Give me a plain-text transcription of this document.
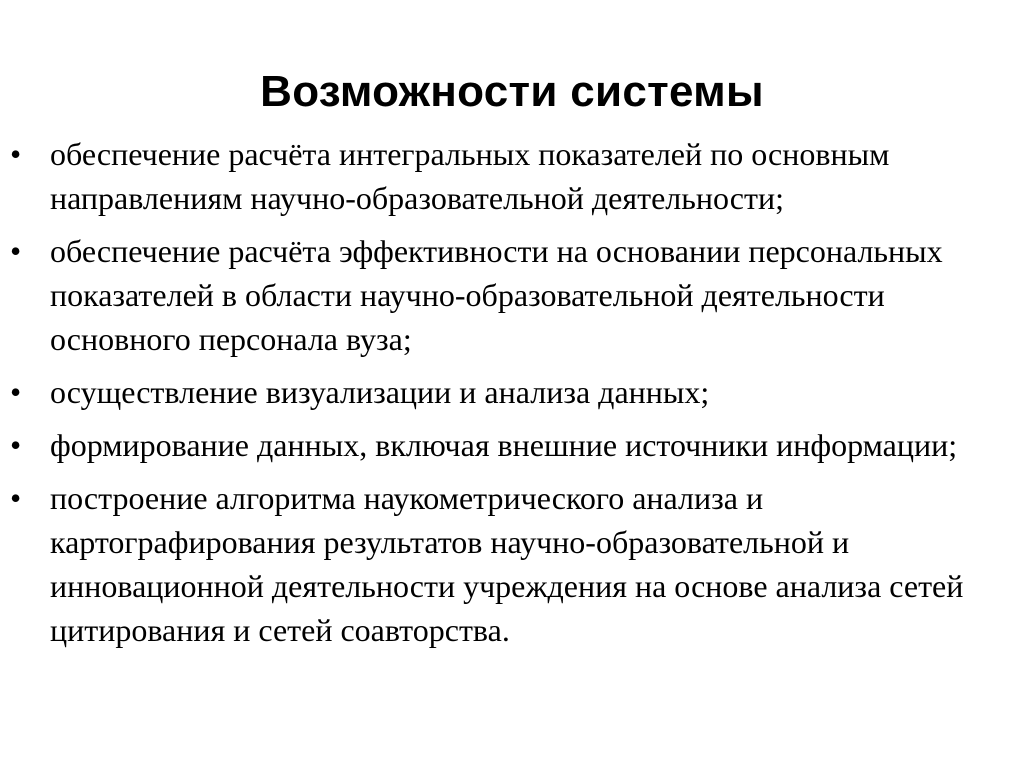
Возможности системы
• обеспечение расчёта интегральных показателей по основным направлениям научно-образовательной деятельности;
• обеспечение расчёта эффективности на основании персональных показателей в области научно-образовательной деятельности основного персонала вуза;
• осуществление визуализации и анализа данных;
• формирование данных, включая внешние источники информации;
• построение алгоритма наукометрического анализа и картографирования результатов научно-образовательной и инновационной деятельности учреждения на основе анализа сетей цитирования и сетей соавторства.
